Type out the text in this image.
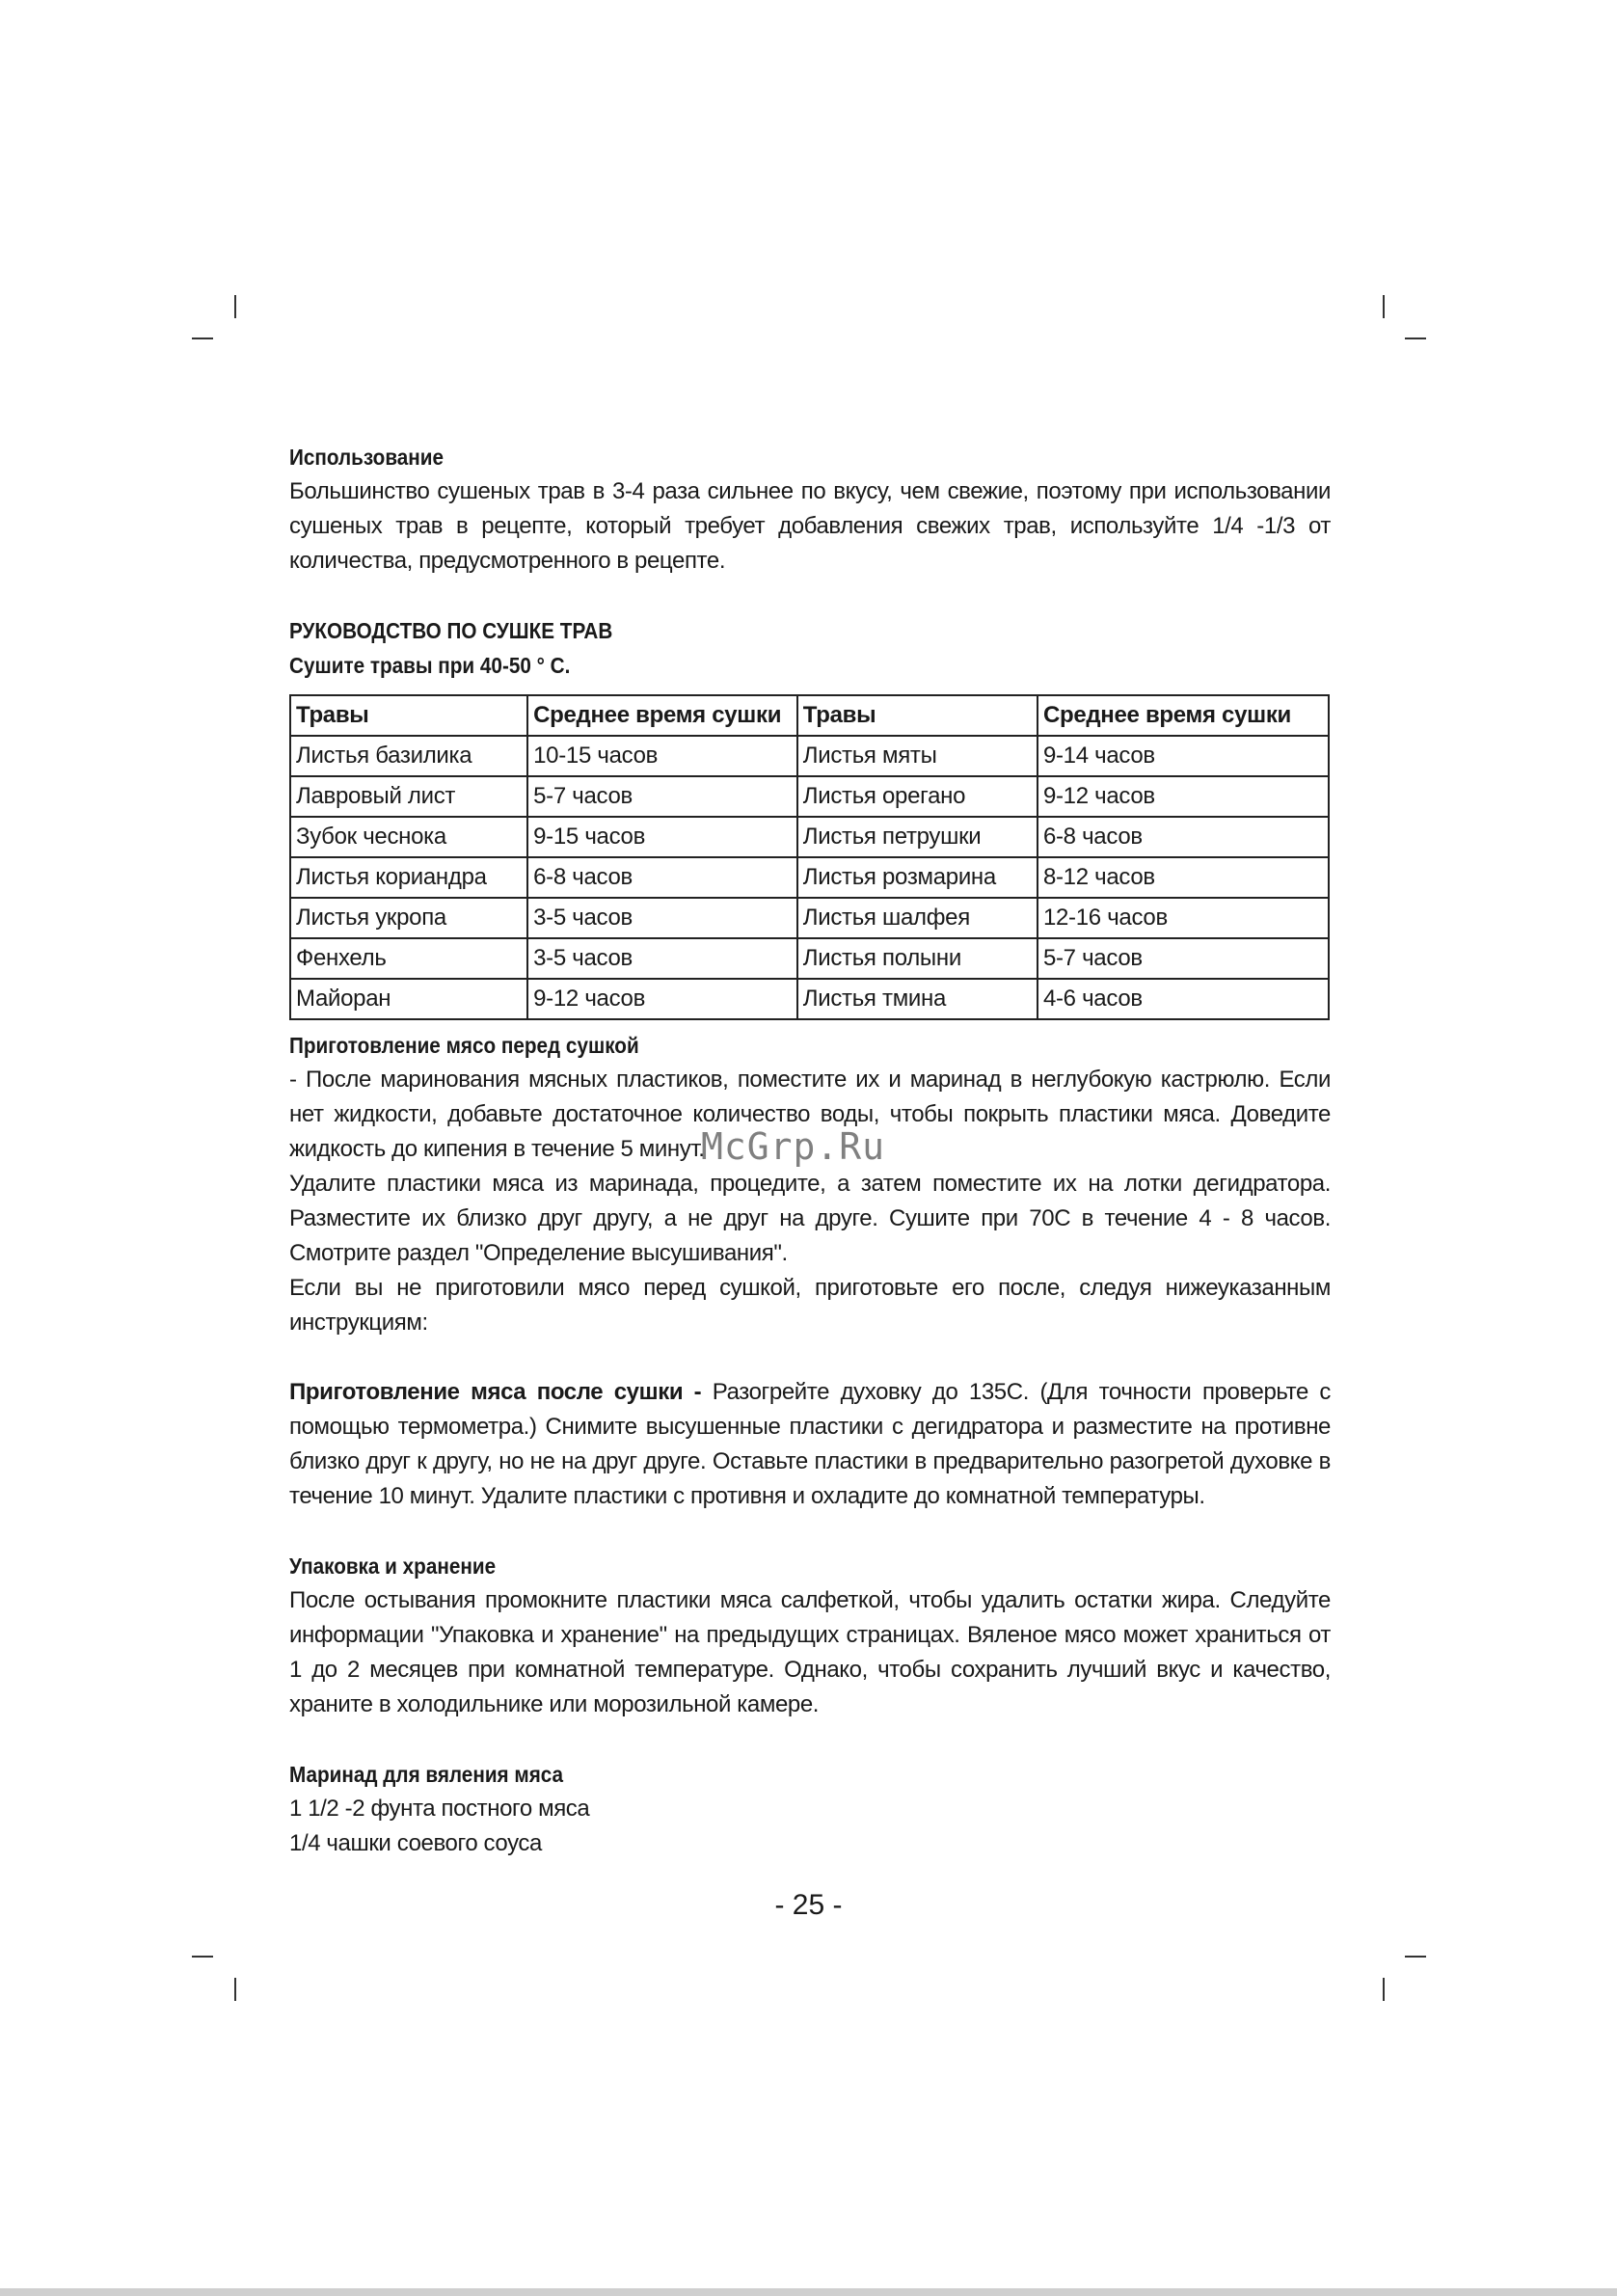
Использование

Большинство сушеных трав в 3-4 раза сильнее по вкусу, чем свежие, поэтому при использовании сушеных трав в рецепте, который требует добавления свежих трав, используйте 1/4 -1/3 от количества, предусмотренного в рецепте.

РУКОВОДСТВО ПО СУШКЕ ТРАВ
Сушите травы при 40-50 ° С.
Травы	Среднее время сушки	Травы	Среднее время сушки
Листья базилика	10-15 часов	Листья мяты	9-14 часов
Лавровый лист	5-7 часов	Листья орегано	9-12 часов
Зубок чеснока	9-15 часов	Листья петрушки	6-8 часов
Листья кориандра	6-8 часов	Листья розмарина	8-12 часов
Листья укропа	3-5 часов	Листья шалфея	12-16 часов
Фенхель	3-5 часов	Листья полыни	5-7 часов
Майоран	9-12 часов	Листья тмина	4-6 часов
Приготовление мясо перед сушкой

- После маринования мясных пластиков, поместите их и маринад в неглубокую кастрюлю. Если нет жидкости, добавьте достаточное количество воды, чтобы покрыть пластики мяса. Доведите жидкость до кипения в течение 5 минут.

Удалите пластики мяса из маринада, процедите, а затем поместите их на лотки дегидратора. Разместите их близко друг другу, а не друг на друге. Сушите при 70С в течение 4 - 8 часов. Смотрите раздел "Определение высушивания".

Если вы не приготовили мясо перед сушкой, приготовьте его после, следуя нижеуказанным инструкциям:

Приготовление мяса после сушки - Разогрейте духовку до 135С. (Для точности проверьте с помощью термометра.) Снимите высушенные пластики с дегидратора и разместите на противне близко друг к другу, но не на друг друге. Оставьте пластики в предварительно разогретой духовке в течение 10 минут. Удалите пластики с противня и охладите до комнатной температуры.

Упаковка и хранение

После остывания промокните пластики мяса салфеткой, чтобы удалить остатки жира. Следуйте информации "Упаковка и хранение" на предыдущих страницах. Вяленое мясо может храниться от 1 до 2 месяцев при комнатной температуре. Однако, чтобы сохранить лучший вкус и качество, храните в холодильнике или морозильной камере.

Маринад для вяления мяса

1 1/2 -2 фунта постного мяса

1/4 чашки соевого соуса

- 25 -
McGrp.Ru
